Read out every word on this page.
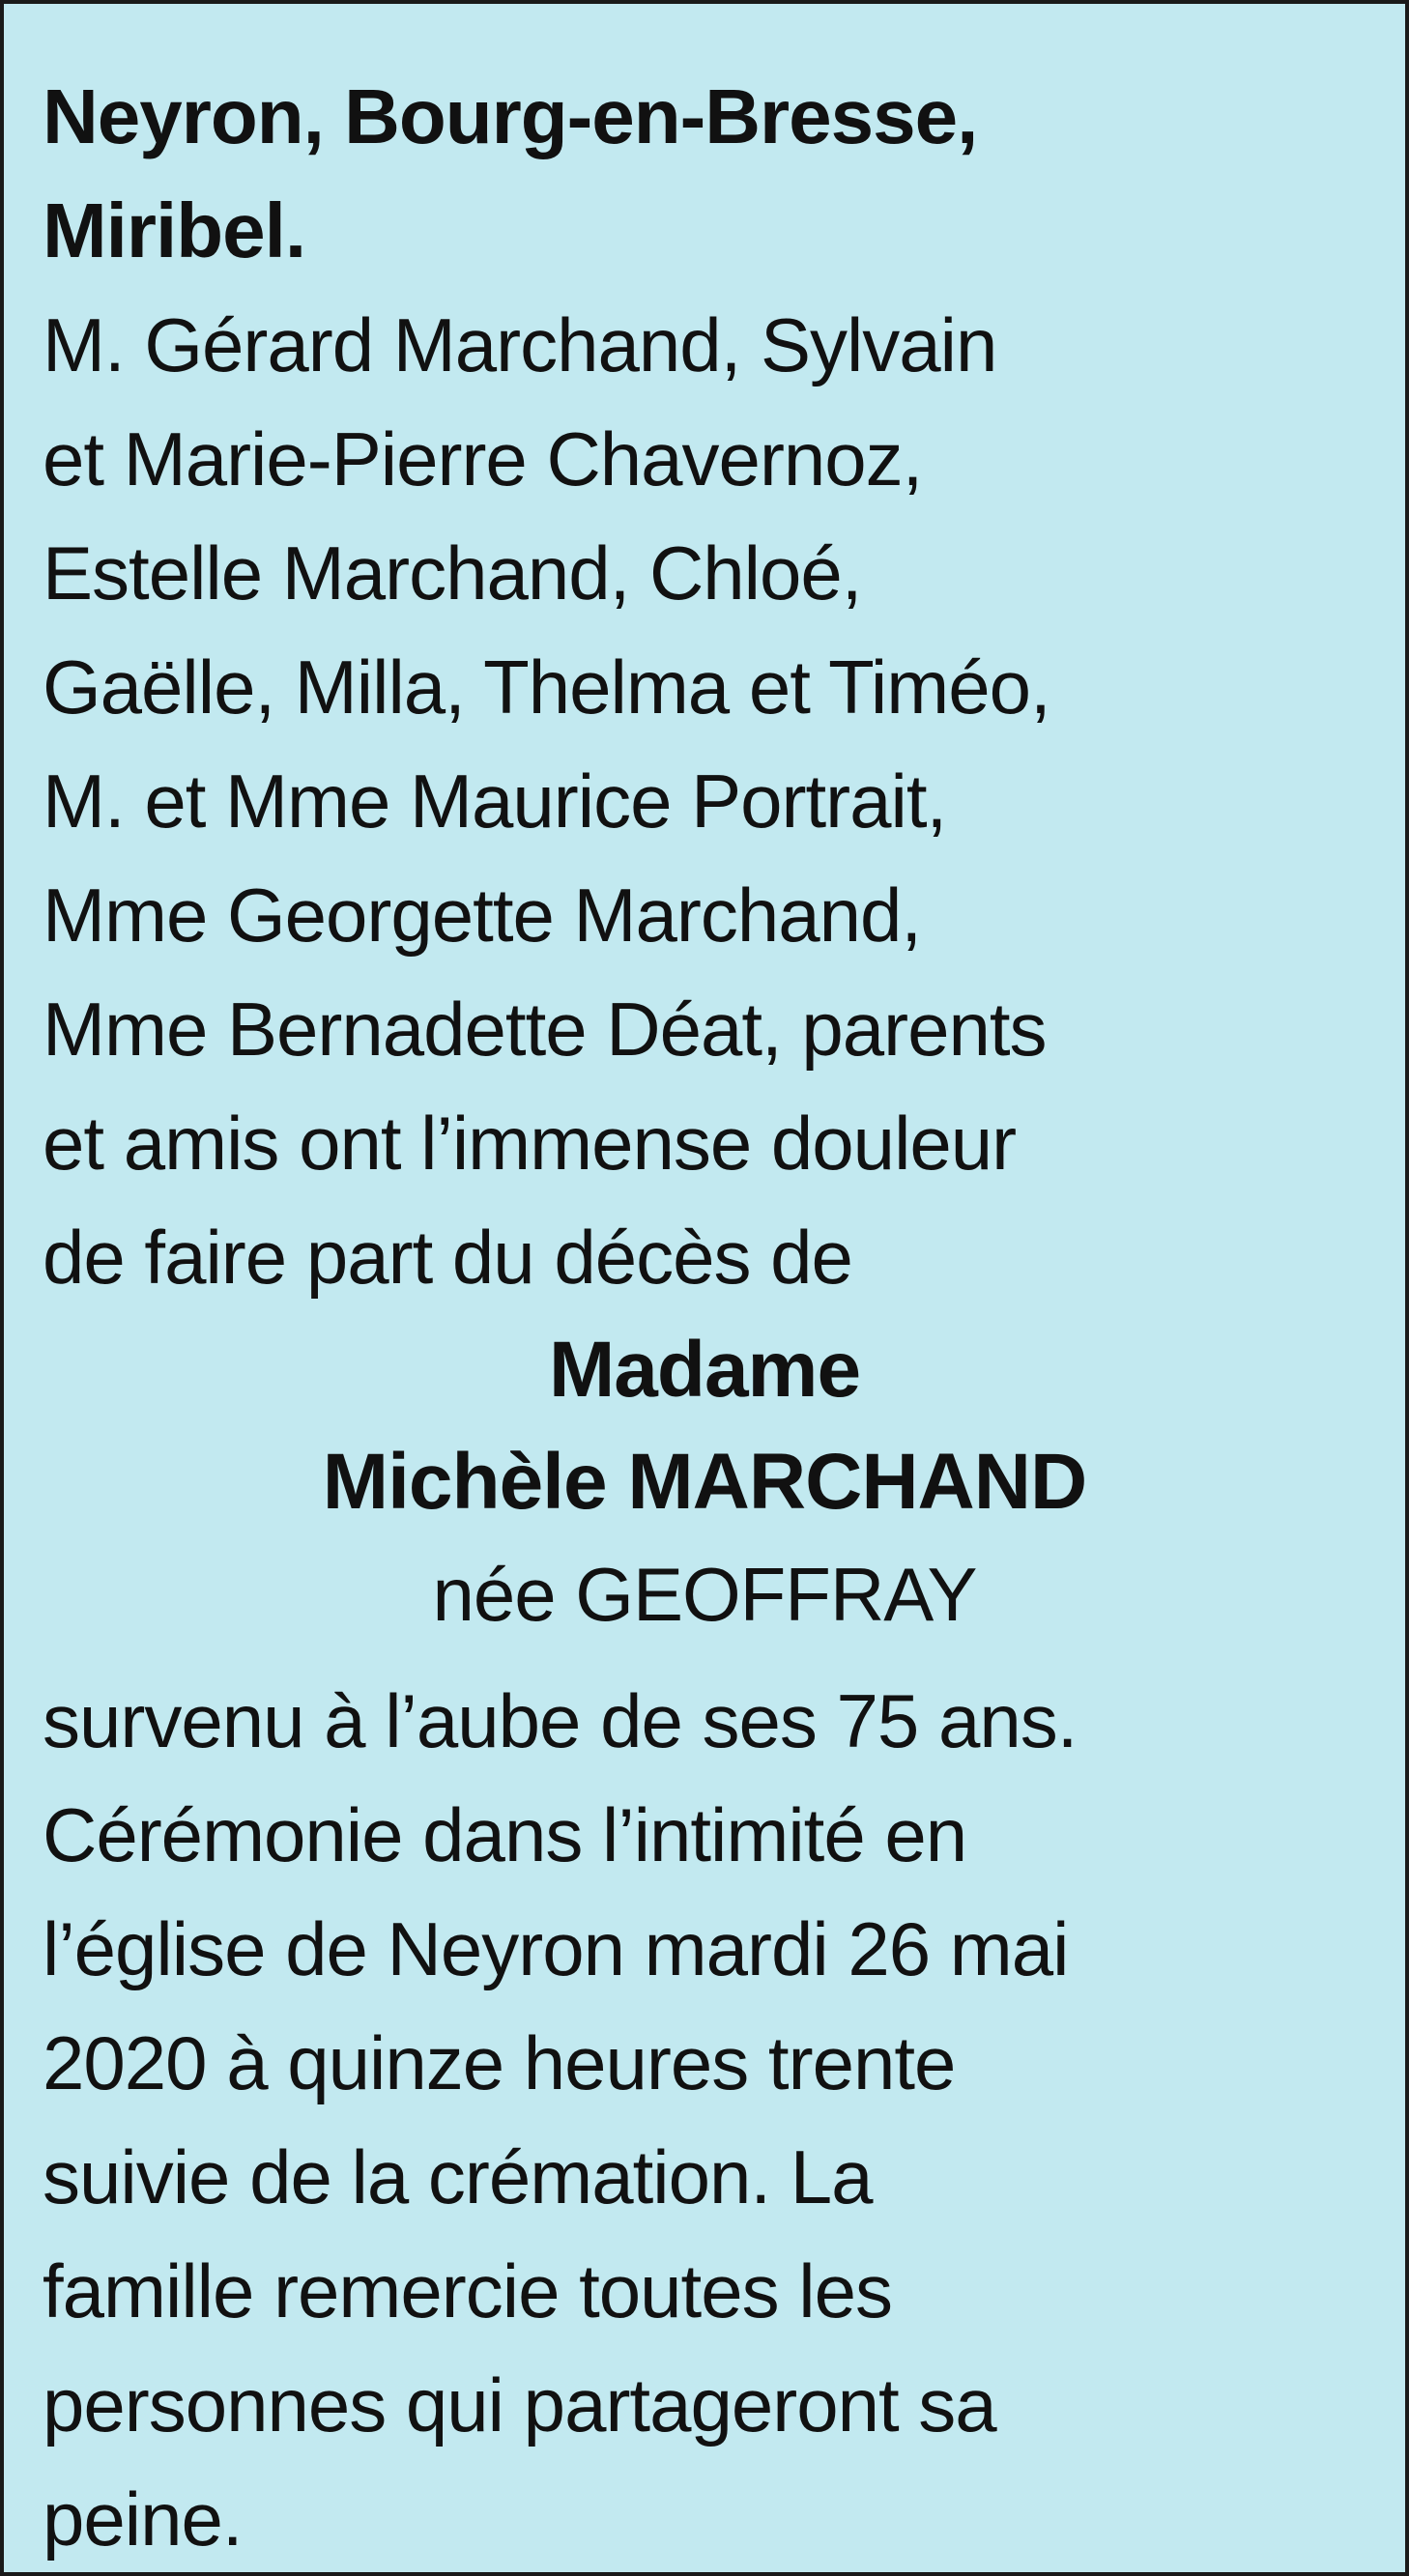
Neyron, Bourg-en-Bresse,

Miribel.

M. Gérard Marchand, Sylvain

et Marie-Pierre Chavernoz,

Estelle Marchand, Chloé,

Gaëlle, Milla, Thelma et Timéo,

M. et Mme Maurice Portrait,

Mme Georgette Marchand,

Mme Bernadette Déat, parents

et amis ont l’immense douleur

de faire part du décès de

Madame
Michèle MARCHAND
née GEOFFRAY

survenu à l’aube de ses 75 ans.

Cérémonie dans l’intimité en

l’église de Neyron mardi 26 mai

2020 à quinze heures trente

suivie de la crémation. La

famille remercie toutes les

personnes qui partageront sa

peine.
